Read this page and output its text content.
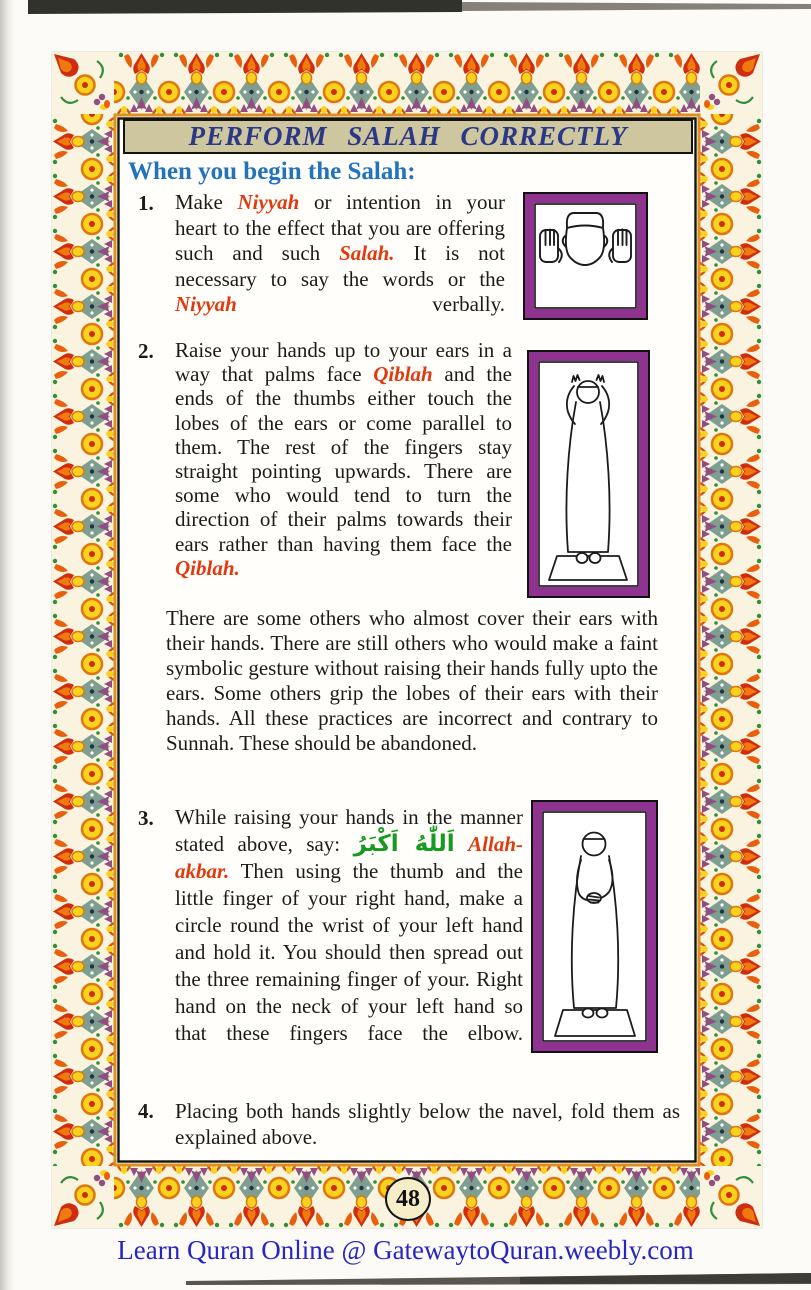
PERFORM SALAH CORRECTLY
When you begin the Salah:
1. Make Niyyah or intention in your heart to the effect that you are offering such and such Salah. It is not necessary to say the words or the Niyyah verbally.
2. Raise your hands up to your ears in a way that palms face Qiblah and the ends of the thumbs either touch the lobes of the ears or come parallel to them. The rest of the fingers stay straight pointing upwards. There are some who would tend to turn the direction of their palms towards their ears rather than having them face the Qiblah.
There are some others who almost cover their ears with their hands. There are still others who would make a faint symbolic gesture without raising their hands fully upto the ears. Some others grip the lobes of their ears with their hands. All these practices are incorrect and contrary to Sunnah. These should be abandoned.
3. While raising your hands in the manner stated above, say: اَللّٰهُ اَكْبَرُ Allah-akbar. Then using the thumb and the little finger of your right hand, make a circle round the wrist of your left hand and hold it. You should then spread out the three remaining finger of your. Right hand on the neck of your left hand so that these fingers face the elbow.
4. Placing both hands slightly below the navel, fold them as explained above.
48
Learn Quran Online @ GatewaytoQuran.weebly.com
